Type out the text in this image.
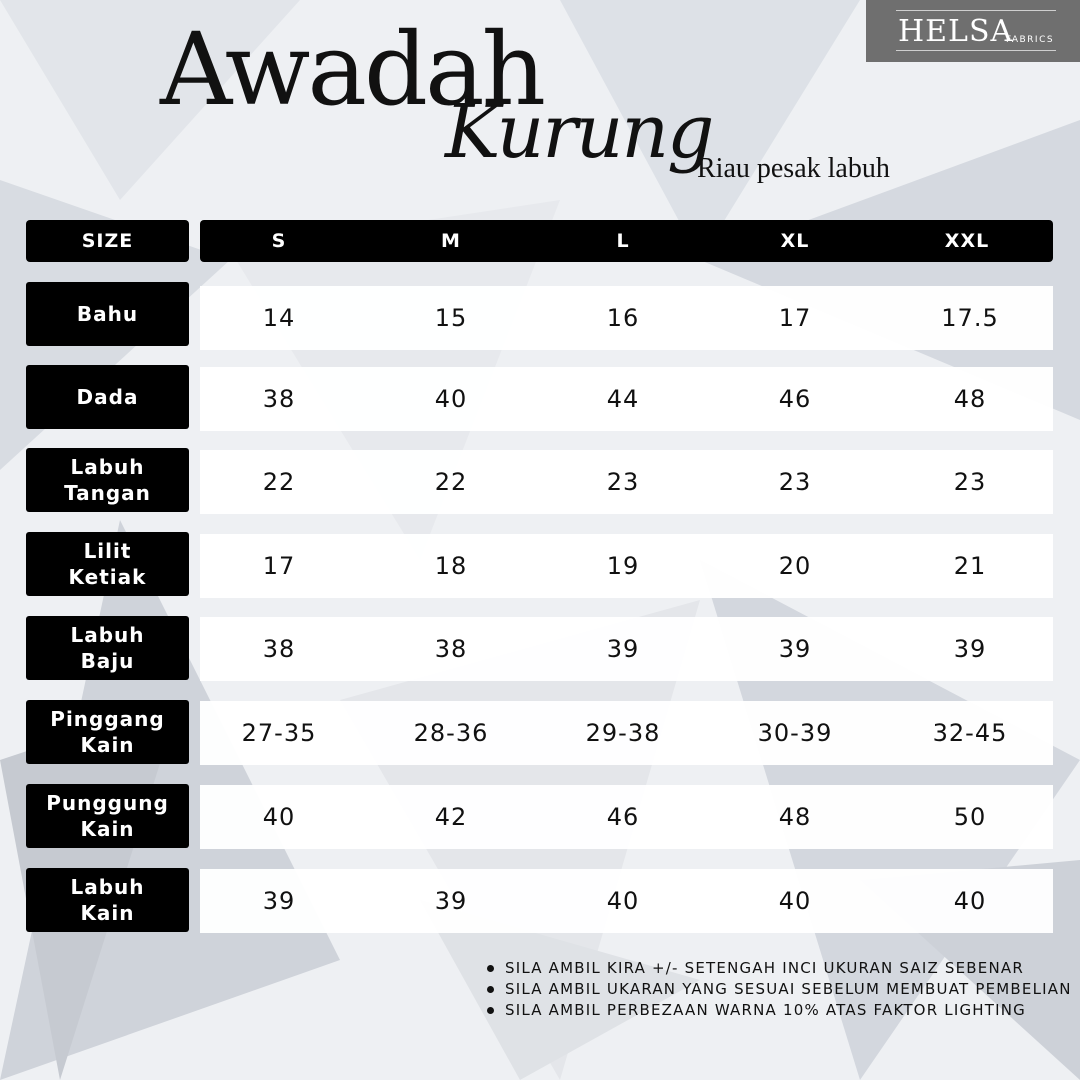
HELSA
FABRICS
Awadah
Kurung
Riau pesak labuh
SIZE	S	M	L	XL	XXL
Bahu	14	15	16	17	17.5
Dada	38	40	44	46	48
Labuh
Tangan	22	22	23	23	23
Lilit
Ketiak	17	18	19	20	21
Labuh
Baju	38	38	39	39	39
Pinggang
Kain	27-35	28-36	29-38	30-39	32-45
Punggung
Kain	40	42	46	48	50
Labuh
Kain	39	39	40	40	40
SILA AMBIL KIRA +/- SETENGAH INCI UKURAN SAIZ SEBENAR
SILA AMBIL UKARAN YANG SESUAI SEBELUM MEMBUAT PEMBELIAN
SILA AMBIL PERBEZAAN WARNA 10% ATAS FAKTOR LIGHTING
